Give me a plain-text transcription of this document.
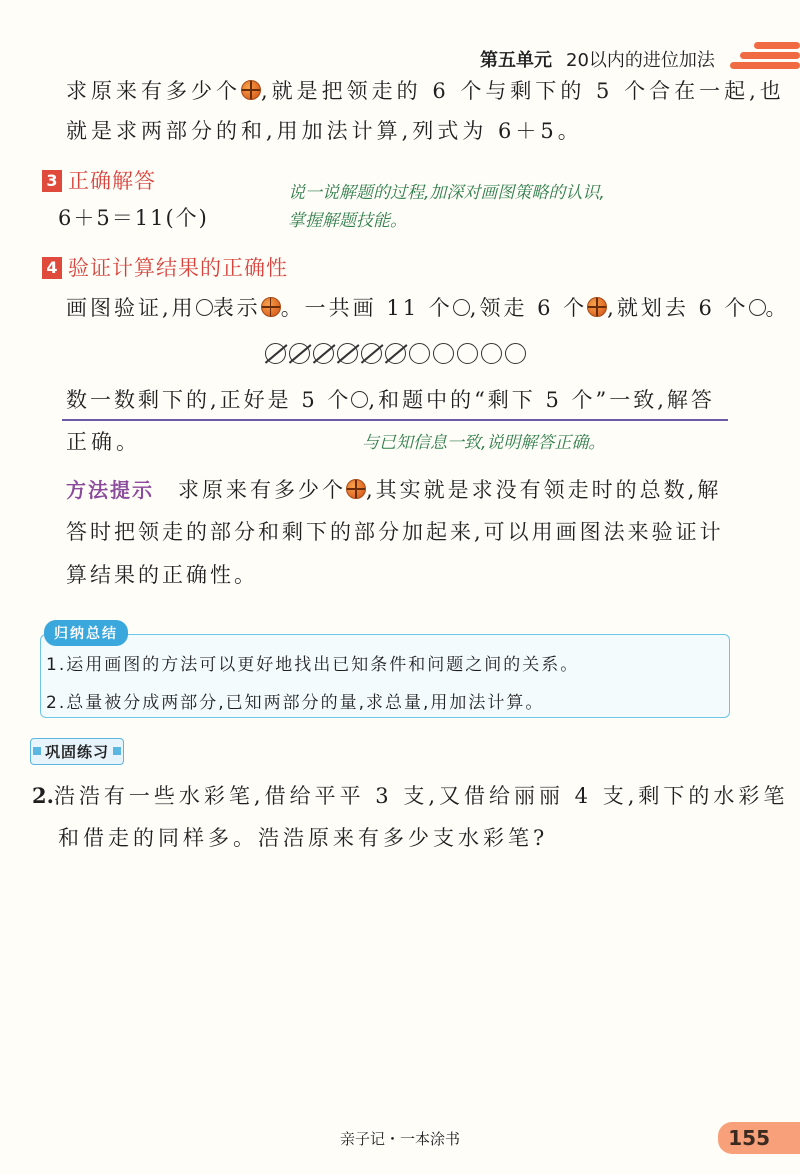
第五单元 20以内的进位加法
求原来有多少个 ,就是把领走的 6 个与剩下的 5 个合在一起,也
就是求两部分的和,用加法计算,列式为 6＋5。
3 正确解答
6＋5＝11(个)
说一说解题的过程,加深对画图策略的认识,
掌握解题技能。
4 验证计算结果的正确性
画图验证,用 表示 。一共画 11 个 ,领走 6 个 ,就划去 6 个 。
数一数剩下的,正好是 5 个 ,和题中的“剩下 5 个”一致,解答
正确。	与已知信息一致,说明解答正确。
方法提示 求原来有多少个 ,其实就是求没有领走时的总数,解
答时把领走的部分和剩下的部分加起来,可以用画图法来验证计
算结果的正确性。
归纳总结
1.运用画图的方法可以更好地找出已知条件和问题之间的关系。
2.总量被分成两部分,已知两部分的量,求总量,用加法计算。
巩固练习
2.浩浩有一些水彩笔,借给平平 3 支,又借给丽丽 4 支,剩下的水彩笔
和借走的同样多。浩浩原来有多少支水彩笔?
亲子记・一本涂书	155
